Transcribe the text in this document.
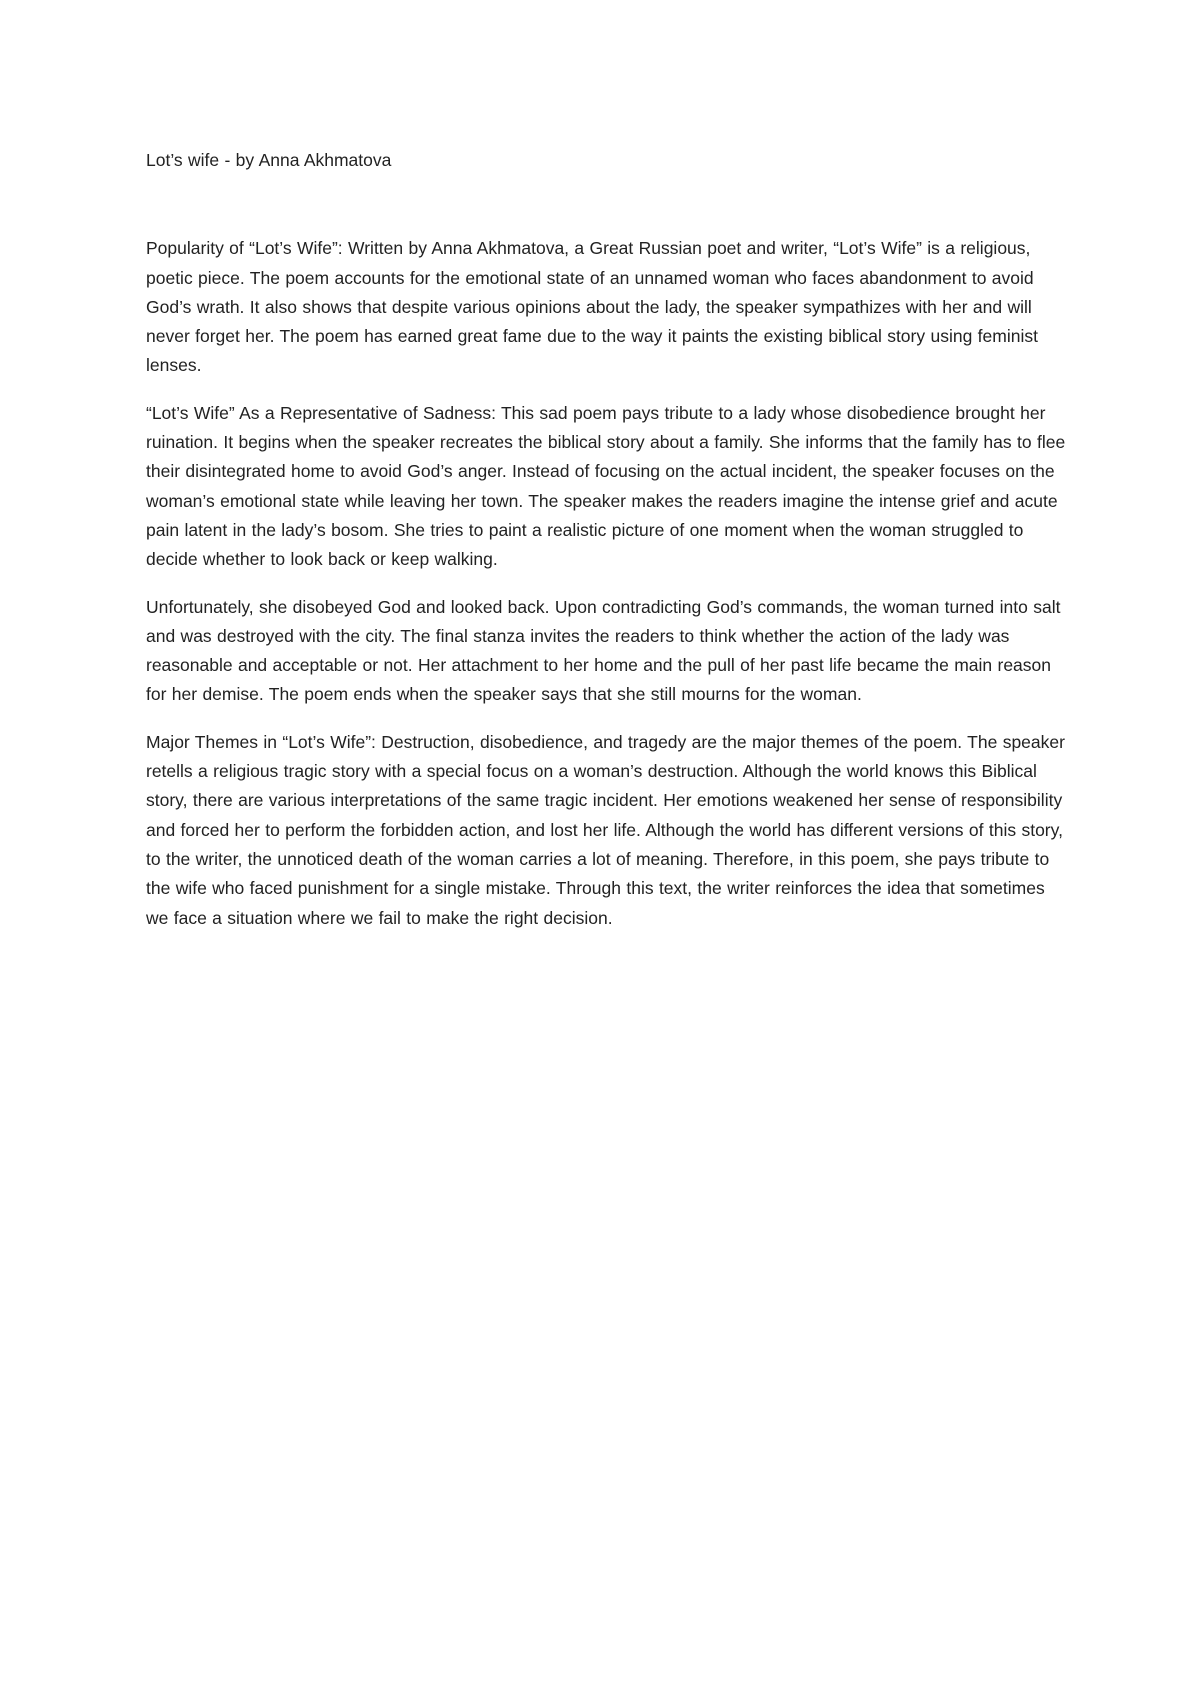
Lot’s wife - by Anna Akhmatova

Popularity of “Lot’s Wife”: Written by Anna Akhmatova, a Great Russian poet and writer, “Lot’s Wife” is a religious, poetic piece. The poem accounts for the emotional state of an unnamed woman who faces abandonment to avoid God’s wrath. It also shows that despite various opinions about the lady, the speaker sympathizes with her and will never forget her. The poem has earned great fame due to the way it paints the existing biblical story using feminist lenses.

“Lot’s Wife” As a Representative of Sadness: This sad poem pays tribute to a lady whose disobedience brought her ruination. It begins when the speaker recreates the biblical story about a family. She informs that the family has to flee their disintegrated home to avoid God’s anger. Instead of focusing on the actual incident, the speaker focuses on the woman’s emotional state while leaving her town. The speaker makes the readers imagine the intense grief and acute pain latent in the lady’s bosom. She tries to paint a realistic picture of one moment when the woman struggled to decide whether to look back or keep walking.

Unfortunately, she disobeyed God and looked back. Upon contradicting God’s commands, the woman turned into salt and was destroyed with the city. The final stanza invites the readers to think whether the action of the lady was reasonable and acceptable or not. Her attachment to her home and the pull of her past life became the main reason for her demise. The poem ends when the speaker says that she still mourns for the woman.

Major Themes in “Lot’s Wife”: Destruction, disobedience, and tragedy are the major themes of the poem. The speaker retells a religious tragic story with a special focus on a woman’s destruction. Although the world knows this Biblical story, there are various interpretations of the same tragic incident. Her emotions weakened her sense of responsibility and forced her to perform the forbidden action, and lost her life. Although the world has different versions of this story, to the writer, the unnoticed death of the woman carries a lot of meaning. Therefore, in this poem, she pays tribute to the wife who faced punishment for a single mistake. Through this text, the writer reinforces the idea that sometimes we face a situation where we fail to make the right decision.
